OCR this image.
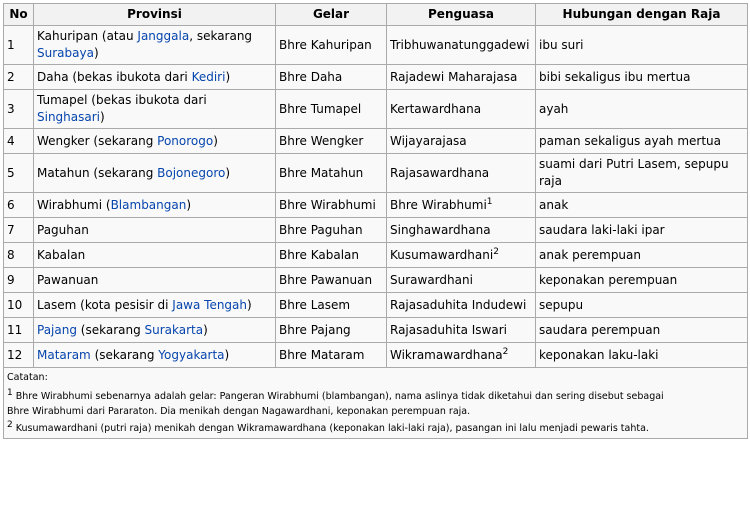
No	Provinsi	Gelar	Penguasa	Hubungan dengan Raja
1	Kahuripan (atau Janggala, sekarang Surabaya)	Bhre Kahuripan	Tribhuwanatunggadewi	ibu suri
2	Daha (bekas ibukota dari Kediri)	Bhre Daha	Rajadewi Maharajasa	bibi sekaligus ibu mertua
3	Tumapel (bekas ibukota dari Singhasari)	Bhre Tumapel	Kertawardhana	ayah
4	Wengker (sekarang Ponorogo)	Bhre Wengker	Wijayarajasa	paman sekaligus ayah mertua
5	Matahun (sekarang Bojonegoro)	Bhre Matahun	Rajasawardhana	suami dari Putri Lasem, sepupu raja
6	Wirabhumi (Blambangan)	Bhre Wirabhumi	Bhre Wirabhumi$^1$	anak
7	Paguhan	Bhre Paguhan	Singhawardhana	saudara laki-laki ipar
8	Kabalan	Bhre Kabalan	Kusumawardhani$^2$	anak perempuan
9	Pawanuan	Bhre Pawanuan	Surawardhani	keponakan perempuan
10	Lasem (kota pesisir di Jawa Tengah)	Bhre Lasem	Rajasaduhita Indudewi	sepupu
11	Pajang (sekarang Surakarta)	Bhre Pajang	Rajasaduhita Iswari	saudara perempuan
12	Mataram (sekarang Yogyakarta)	Bhre Mataram	Wikramawardhana$^2$	keponakan laku-laki

Catatan:
$^1$ Bhre Wirabhumi sebenarnya adalah gelar: Pangeran Wirabhumi (blambangan), nama aslinya tidak diketahui dan sering disebut sebagai
Bhre Wirabhumi dari Pararaton. Dia menikah dengan Nagawardhani, keponakan perempuan raja.
$^2$ Kusumawardhani (putri raja) menikah dengan Wikramawardhana (keponakan laki-laki raja), pasangan ini lalu menjadi pewaris tahta.				
